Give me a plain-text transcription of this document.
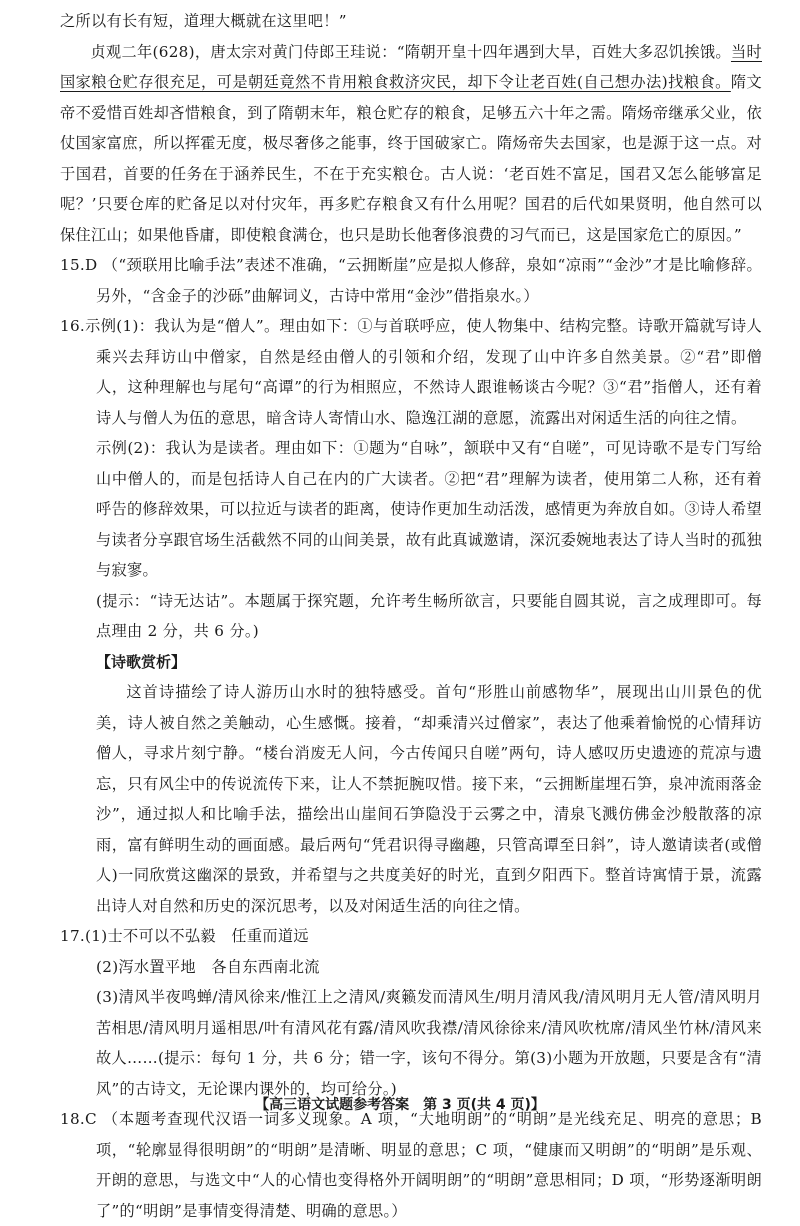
之所以有长有短，道理大概就在这里吧！”

贞观二年(628)，唐太宗对黄门侍郎王珪说：“隋朝开皇十四年遇到大旱，百姓大多忍饥挨饿。当时国家粮仓贮存很充足，可是朝廷竟然不肯用粮食救济灾民，却下令让老百姓(自己想办法)找粮食。隋文帝不爱惜百姓却吝惜粮食，到了隋朝末年，粮仓贮存的粮食，足够五六十年之需。隋炀帝继承父业，依仗国家富庶，所以挥霍无度，极尽奢侈之能事，终于国破家亡。隋炀帝失去国家，也是源于这一点。对于国君，首要的任务在于涵养民生，不在于充实粮仓。古人说：‘老百姓不富足，国君又怎么能够富足呢？’只要仓库的贮备足以对付灾年，再多贮存粮食又有什么用呢？国君的后代如果贤明，他自然可以保住江山；如果他昏庸，即使粮食满仓，也只是助长他奢侈浪费的习气而已，这是国家危亡的原因。”

15.D （“颈联用比喻手法”表述不准确，“云拥断崖”应是拟人修辞，泉如“凉雨”“金沙”才是比喻修辞。另外，“含金子的沙砾”曲解词义，古诗中常用“金沙”借指泉水。）

16.示例(1)：我认为是“僧人”。理由如下：①与首联呼应，使人物集中、结构完整。诗歌开篇就写诗人乘兴去拜访山中僧家，自然是经由僧人的引领和介绍，发现了山中许多自然美景。②“君”即僧人，这种理解也与尾句“高谭”的行为相照应，不然诗人跟谁畅谈古今呢？③“君”指僧人，还有着诗人与僧人为伍的意思，暗含诗人寄情山水、隐逸江湖的意愿，流露出对闲适生活的向往之情。

示例(2)：我认为是读者。理由如下：①题为“自咏”，颔联中又有“自嗟”，可见诗歌不是专门写给山中僧人的，而是包括诗人自己在内的广大读者。②把“君”理解为读者，使用第二人称，还有着呼告的修辞效果，可以拉近与读者的距离，使诗作更加生动活泼，感情更为奔放自如。③诗人希望与读者分享跟官场生活截然不同的山间美景，故有此真诚邀请，深沉委婉地表达了诗人当时的孤独与寂寥。

(提示：“诗无达诂”。本题属于探究题，允许考生畅所欲言，只要能自圆其说，言之成理即可。每点理由 2 分，共 6 分。)

【诗歌赏析】

这首诗描绘了诗人游历山水时的独特感受。首句“形胜山前感物华”，展现出山川景色的优美，诗人被自然之美触动，心生感慨。接着，“却乘清兴过僧家”，表达了他乘着愉悦的心情拜访僧人，寻求片刻宁静。“楼台消废无人问，今古传闻只自嗟”两句，诗人感叹历史遗迹的荒凉与遗忘，只有风尘中的传说流传下来，让人不禁扼腕叹惜。接下来，“云拥断崖埋石笋，泉冲流雨落金沙”，通过拟人和比喻手法，描绘出山崖间石笋隐没于云雾之中，清泉飞溅仿佛金沙般散落的凉雨，富有鲜明生动的画面感。最后两句“凭君识得寻幽趣，只管高谭至日斜”，诗人邀请读者(或僧人)一同欣赏这幽深的景致，并希望与之共度美好的时光，直到夕阳西下。整首诗寓情于景，流露出诗人对自然和历史的深沉思考，以及对闲适生活的向往之情。

17.(1)士不可以不弘毅　任重而道远

(2)泻水置平地　各自东西南北流

(3)清风半夜鸣蝉/清风徐来/惟江上之清风/爽籁发而清风生/明月清风我/清风明月无人管/清风明月苦相思/清风明月遥相思/叶有清风花有露/清风吹我襟/清风徐徐来/清风吹枕席/清风坐竹林/清风来故人……(提示：每句 1 分，共 6 分；错一字，该句不得分。第(3)小题为开放题，只要是含有“清风”的古诗文，无论课内课外的，均可给分。)

18.C （本题考查现代汉语一词多义现象。A 项，“大地明朗”的“明朗”是光线充足、明亮的意思；B 项，“轮廓显得很明朗”的“明朗”是清晰、明显的意思；C 项，“健康而又明朗”的“明朗”是乐观、开朗的意思，与选文中“人的心情也变得格外开阔明朗”的“明朗”意思相同；D 项，“形势逐渐明朗了”的“明朗”是事情变得清楚、明确的意思。）

【高三语文试题参考答案　第 3 页(共 4 页)】
